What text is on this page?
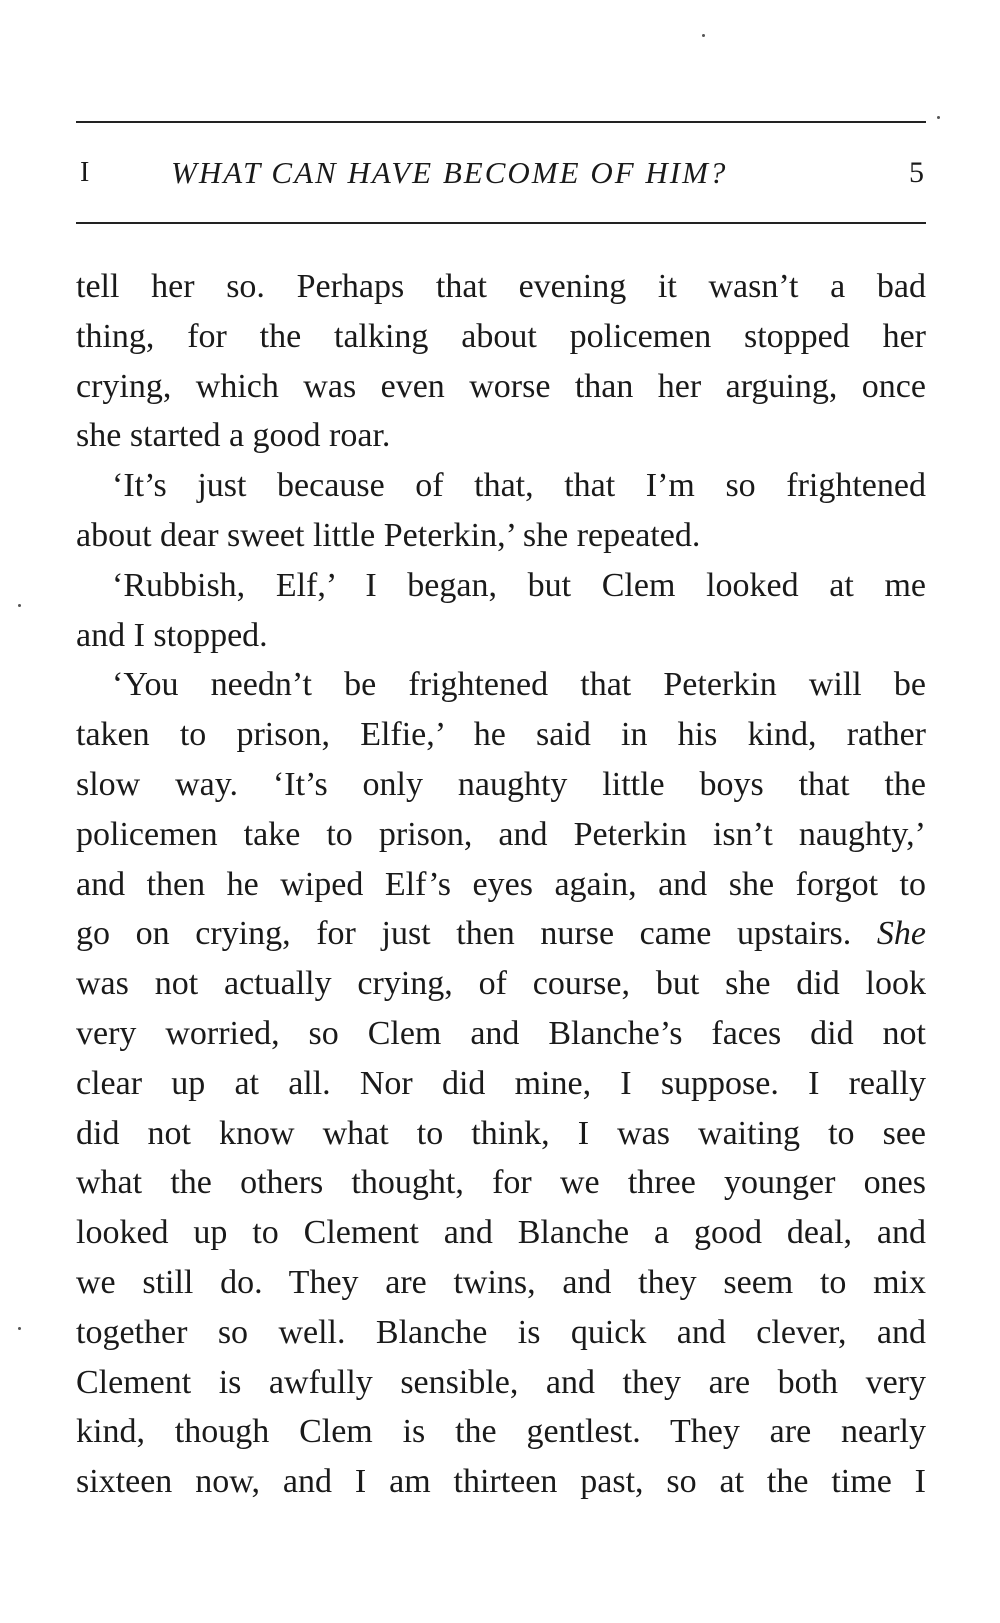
I	WHAT CAN HAVE BECOME OF HIM?	5
tell her so. Perhaps that evening it wasn’t a bad
thing, for the talking about policemen stopped her
crying, which was even worse than her arguing, once
she started a good roar.
‘It’s just because of that, that I’m so frightened
about dear sweet little Peterkin,’ she repeated.
‘Rubbish, Elf,’ I began, but Clem looked at me
and I stopped.
‘You needn’t be frightened that Peterkin will be
taken to prison, Elfie,’ he said in his kind, rather
slow way. ‘It’s only naughty little boys that the
policemen take to prison, and Peterkin isn’t naughty,’
and then he wiped Elf’s eyes again, and she forgot to
go on crying, for just then nurse came upstairs. She
was not actually crying, of course, but she did look
very worried, so Clem and Blanche’s faces did not
clear up at all. Nor did mine, I suppose. I really
did not know what to think, I was waiting to see
what the others thought, for we three younger ones
looked up to Clement and Blanche a good deal, and
we still do. They are twins, and they seem to mix
together so well. Blanche is quick and clever, and
Clement is awfully sensible, and they are both very
kind, though Clem is the gentlest. They are nearly
sixteen now, and I am thirteen past, so at the time I
